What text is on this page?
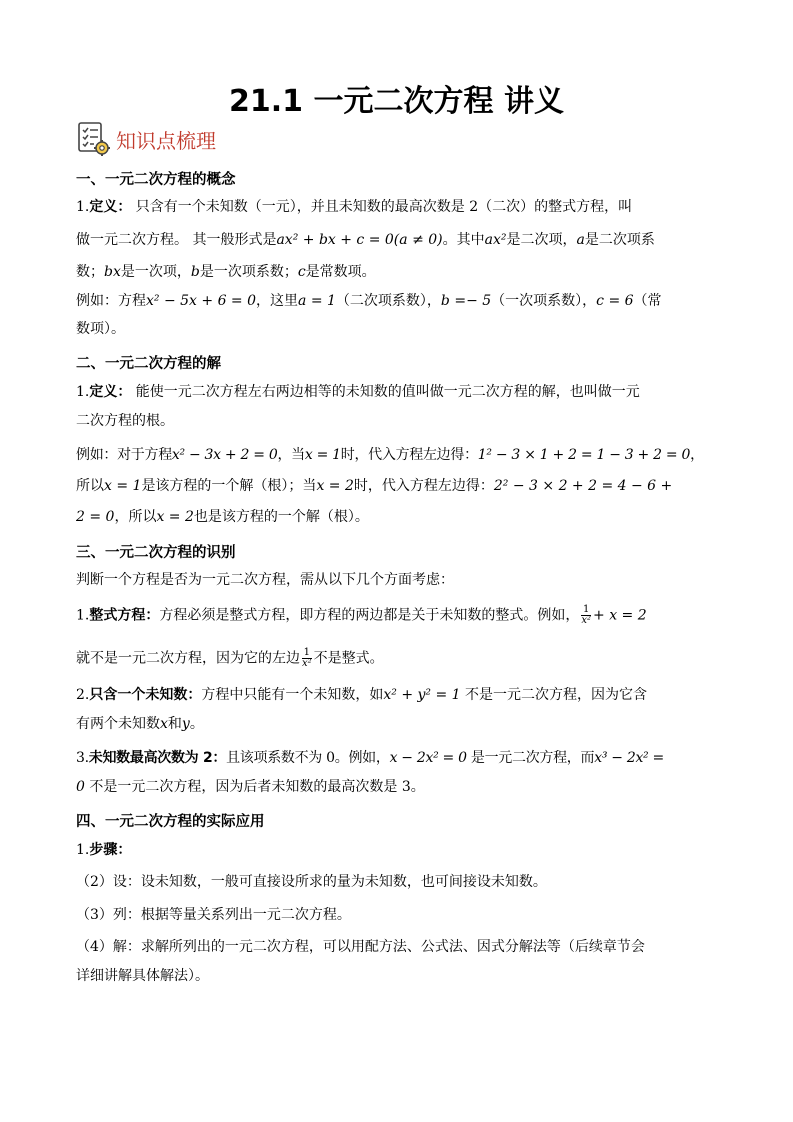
21.1 一元二次方程 讲义
知识点梳理
一、一元二次方程的概念
1.定义： 只含有一个未知数（一元），并且未知数的最高次数是 2（二次）的整式方程，叫
做一元二次方程。 其一般形式是ax² + bx + c = 0(a ≠ 0)。其中ax²是二次项，a是二次项系
数；bx是一次项，b是一次项系数；c是常数项。
例如：方程x² − 5x + 6 = 0，这里a = 1（二次项系数），b =− 5（一次项系数），c = 6（常
数项）。
二、一元二次方程的解
1.定义： 能使一元二次方程左右两边相等的未知数的值叫做一元二次方程的解，也叫做一元
二次方程的根。
例如：对于方程x² − 3x + 2 = 0，当x = 1时，代入方程左边得：1² − 3 × 1 + 2 = 1 − 3 + 2 = 0，
所以x = 1是该方程的一个解（根）；当x = 2时，代入方程左边得：2² − 3 × 2 + 2 = 4 − 6 +
2 = 0，所以x = 2也是该方程的一个解（根）。
三、一元二次方程的识别
判断一个方程是否为一元二次方程，需从以下几个方面考虑：
1.整式方程：方程必须是整式方程，即方程的两边都是关于未知数的整式。例如， $\frac{1}{\text{x²}} + x = 2$
就不是一元二次方程，因为它的左边 $\frac{1}{\text{x²}}$ 不是整式。
2.只含一个未知数：方程中只能有一个未知数，如x² + y² = 1 不是一元二次方程，因为它含
有两个未知数x和y。
3.未知数最高次数为 2：且该项系数不为 0。例如，x − 2x² = 0 是一元二次方程，而x³ − 2x² =
0 不是一元二次方程，因为后者未知数的最高次数是 3。
四、一元二次方程的实际应用
1.步骤：
（2）设：设未知数，一般可直接设所求的量为未知数，也可间接设未知数。
（3）列：根据等量关系列出一元二次方程。
（4）解：求解所列出的一元二次方程，可以用配方法、公式法、因式分解法等（后续章节会
详细讲解具体解法）。
